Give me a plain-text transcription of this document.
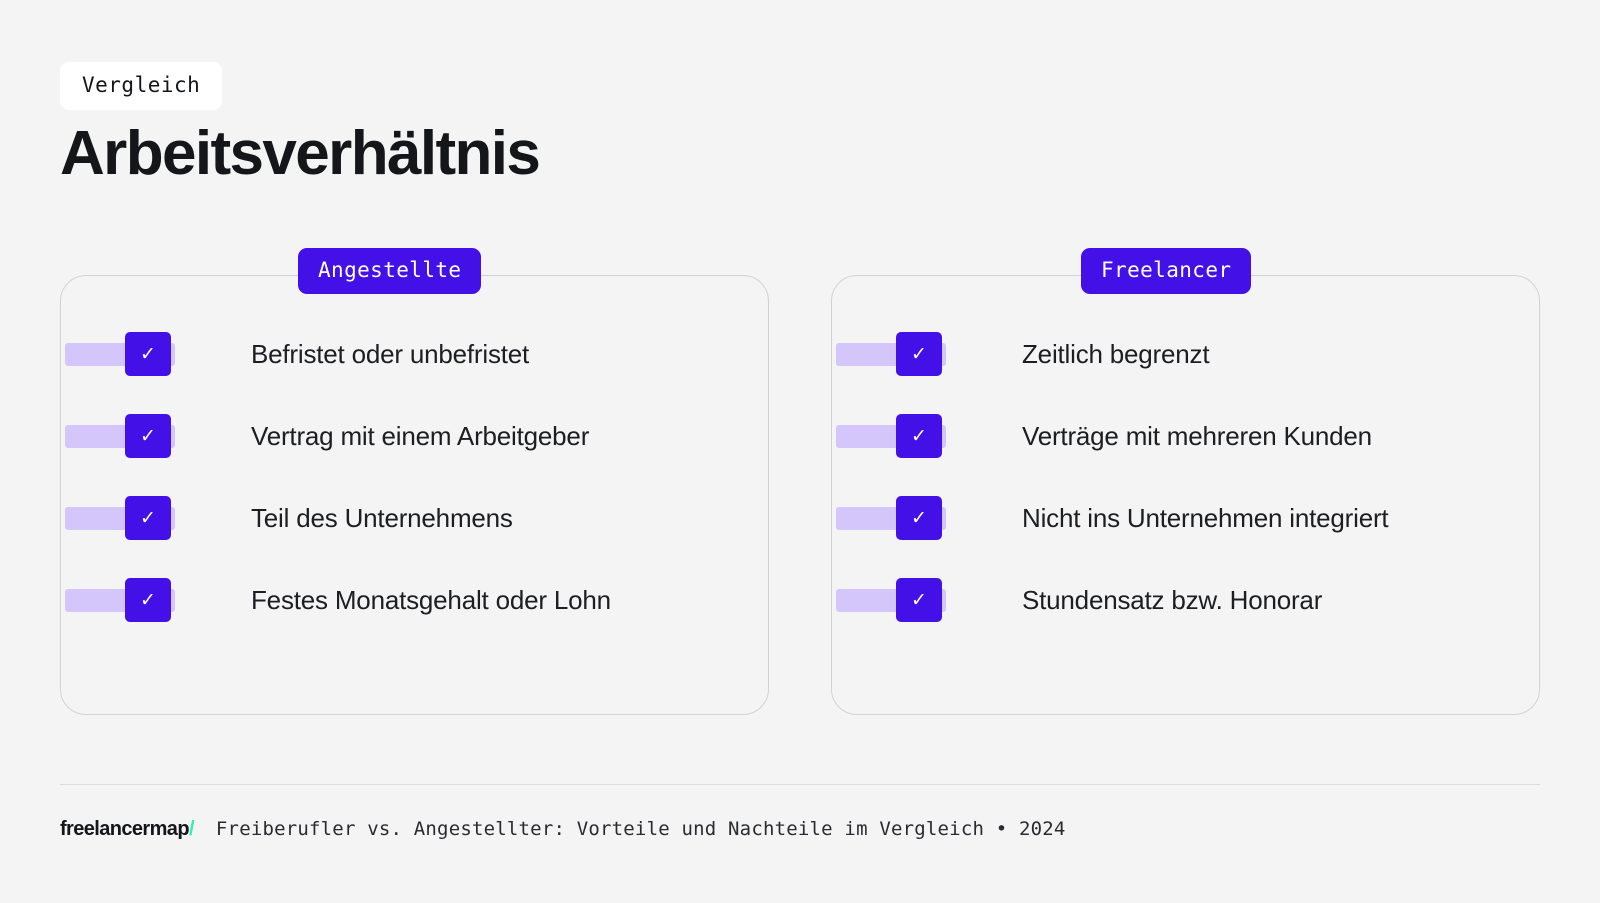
Vergleich
Arbeitsverhältnis
Angestellte
✓	Befristet oder unbefristet
✓	Vertrag mit einem Arbeitgeber
✓	Teil des Unternehmens
✓	Festes Monatsgehalt oder Lohn
Freelancer
✓	Zeitlich begrenzt
✓	Verträge mit mehreren Kunden
✓	Nicht ins Unternehmen integriert
✓	Stundensatz bzw. Honorar
freelancermap/ Freiberufler vs. Angestellter: Vorteile und Nachteile im Vergleich • 2024
